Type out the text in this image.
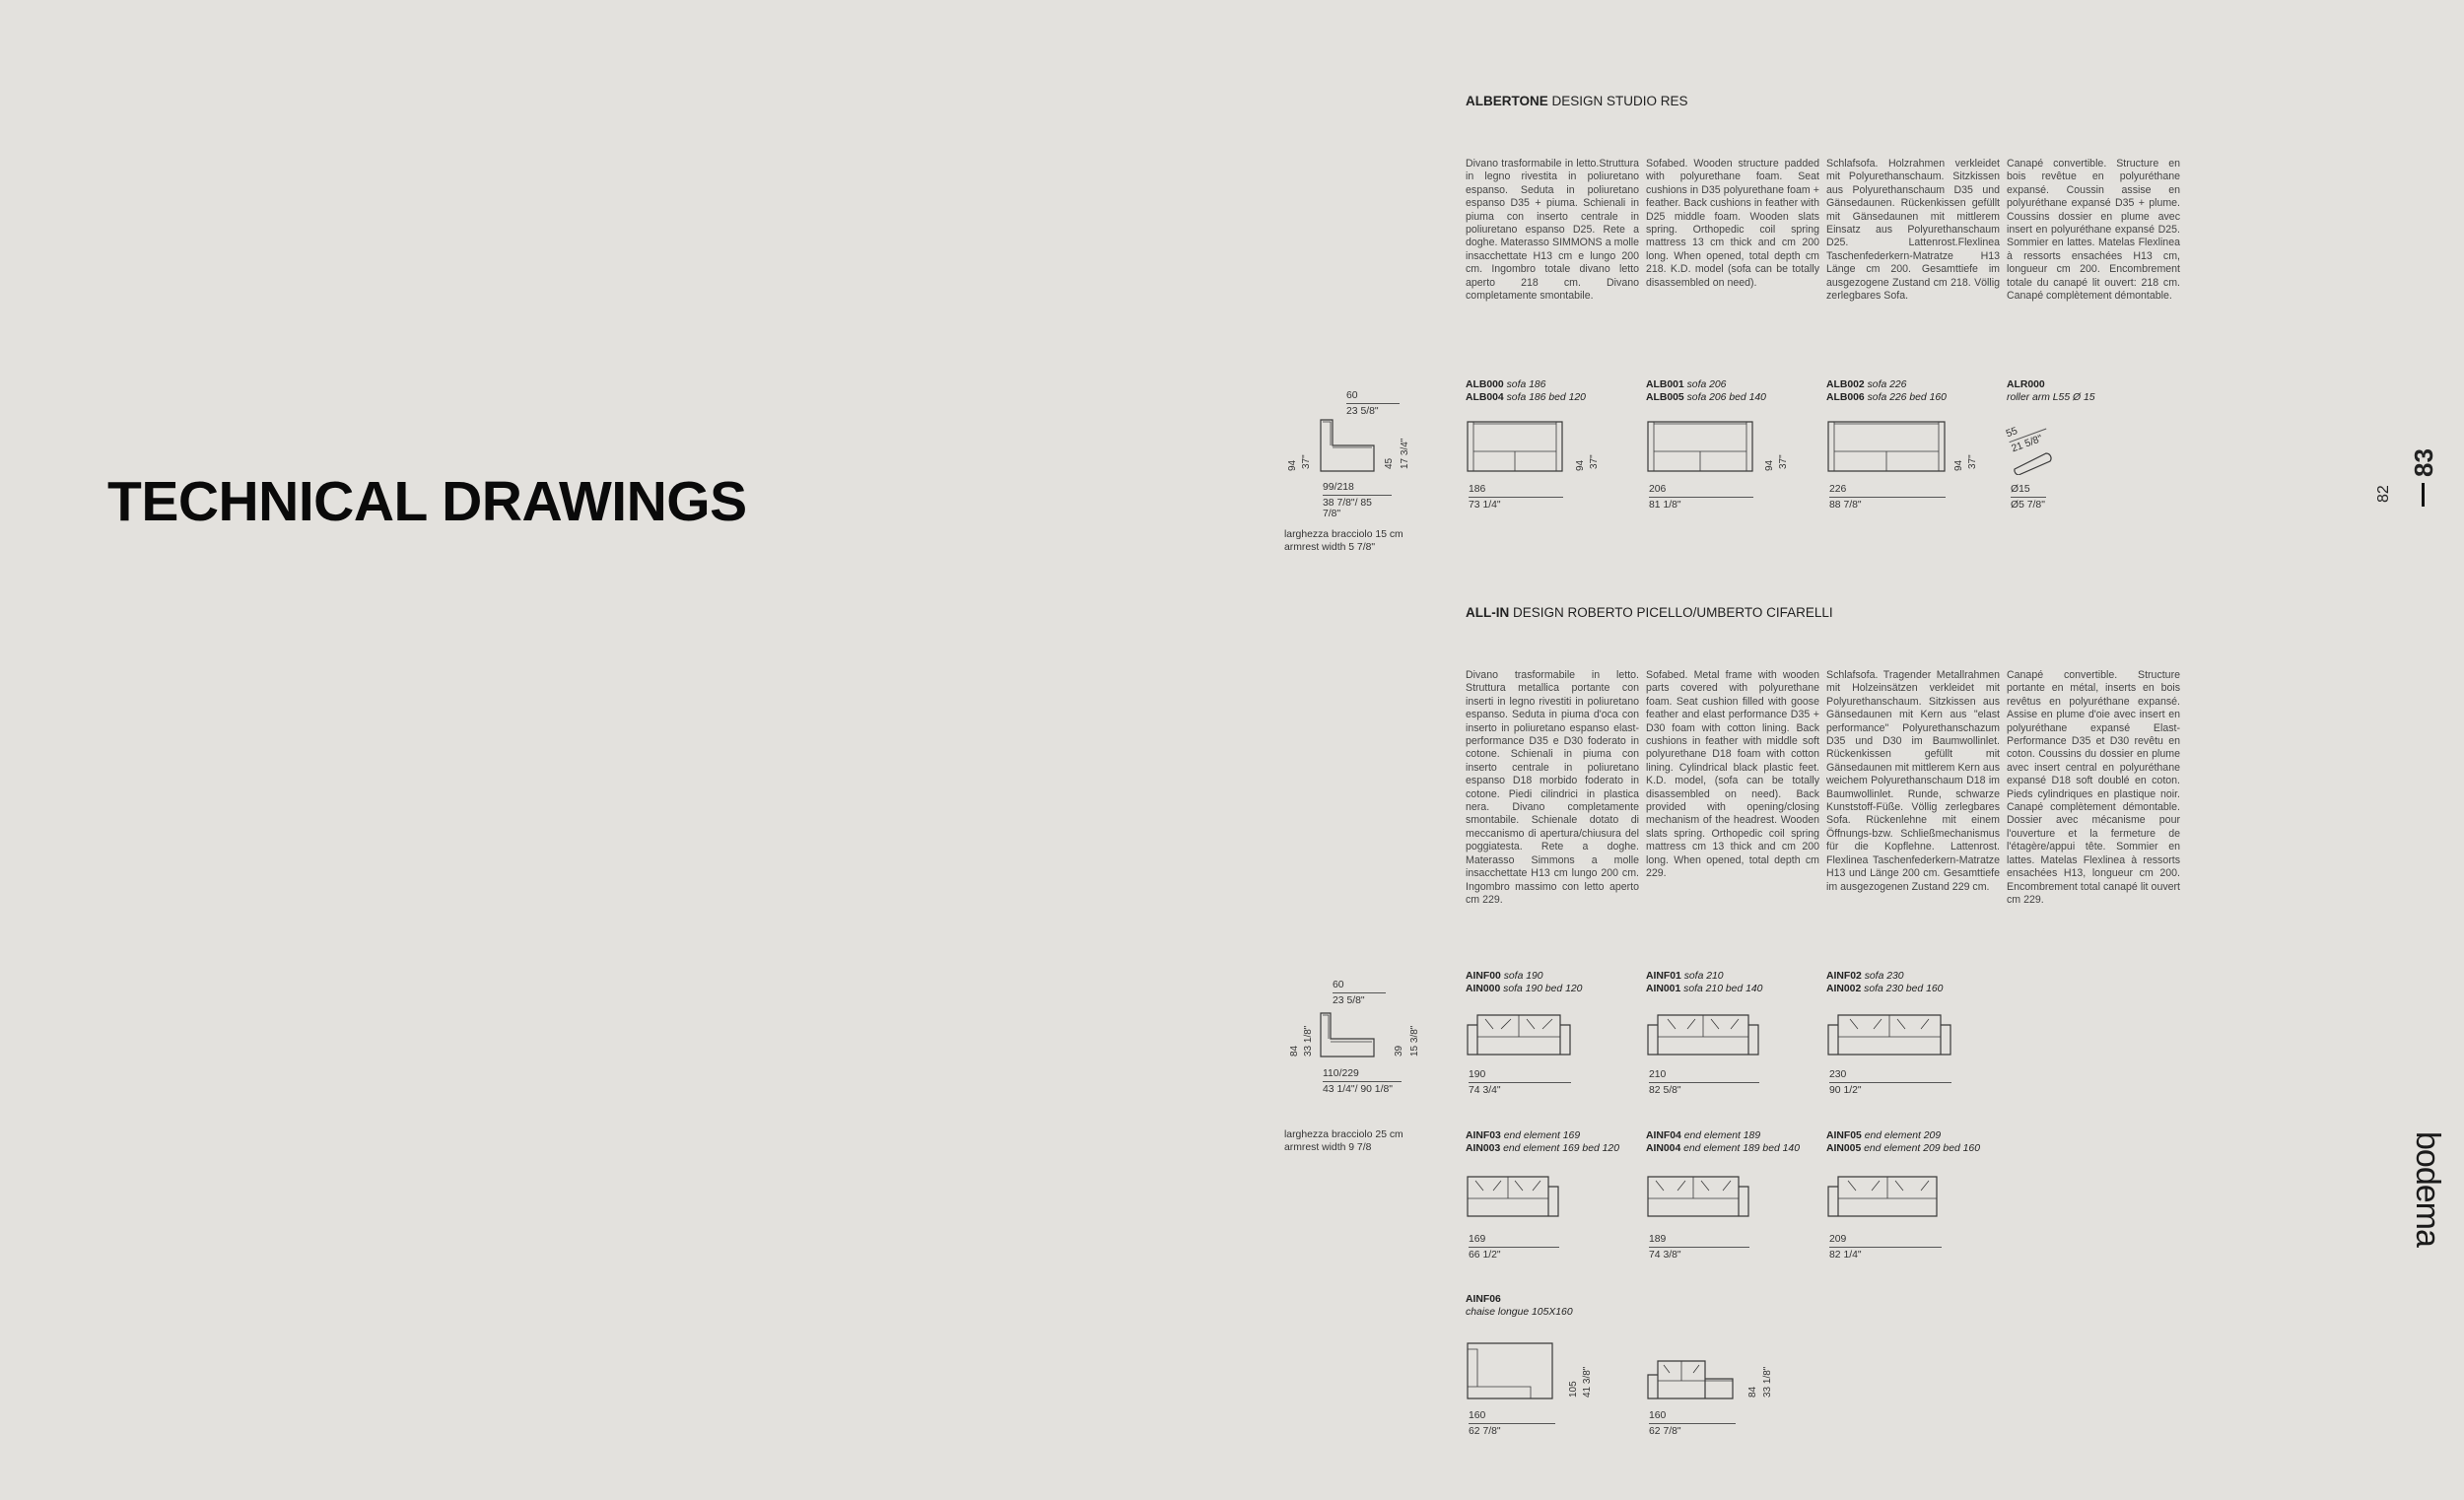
TECHNICAL DRAWINGS	82
83
bodema
ALBERTONE DESIGN STUDIO RES
Divano trasformabile in letto.Struttura in legno rivestita in poliuretano espanso. Seduta in poliuretano espanso D35 + piuma. Schienali in piuma con inserto centrale in poliuretano espanso D25. Rete a doghe. Materasso SIMMONS a molle insacchettate H13 cm e lungo 200 cm. Ingombro totale divano letto aperto 218 cm. Divano completamente smontabile.
Sofabed. Wooden structure padded with polyurethane foam. Seat cushions in D35 polyurethane foam + feather. Back cushions in feather with D25 middle foam. Wooden slats spring. Orthopedic coil spring mattress 13 cm thick and cm 200 long. When opened, total depth cm 218. K.D. model (sofa can be totally disassembled on need).
Schlafsofa. Holzrahmen verkleidet mit Polyurethanschaum. Sitzkissen aus Polyurethanschaum D35 und Gänsedaunen. Rückenkissen gefüllt mit Gänsedaunen mit mittlerem Einsatz aus Polyurethanschaum D25. Lattenrost.Flexlinea Taschenfederkern-Matratze H13 Länge cm 200. Gesamttiefe im ausgezogene Zustand cm 218. Völlig zerlegbares Sofa.
Canapé convertible. Structure en bois revêtue en polyuréthane expansé. Coussin assise en polyuréthane expansé D35 + plume. Coussins dossier en plume avec insert en polyuréthane expansé D25. Sommier en lattes. Matelas Flexlinea à ressorts ensachées H13 cm, longueur cm 200. Encombrement totale du canapé lit ouvert: 218 cm. Canapé complètement démontable.
60
23 5/8"
94 37"	45 17 3/4"
99/218
38 7/8"/ 85 7/8"
larghezza bracciolo 15 cm
armrest width 5 7/8"
ALB000 sofa 186
ALB004 sofa 186 bed 120
94 37"
186
73 1/4"
ALB001 sofa 206
ALB005 sofa 206 bed 140
94 37"
206
81 1/8"
ALB002 sofa 226
ALB006 sofa 226 bed 160
94 37"
226
88 7/8"
ALR000
roller arm L55 Ø 15
55
21 5/8"
Ø15
Ø5 7/8"
ALL-IN DESIGN ROBERTO PICELLO/UMBERTO CIFARELLI
Divano trasformabile in letto. Struttura metallica portante con inserti in legno rivestiti in poliuretano espanso. Seduta in piuma d'oca con inserto in poliuretano espanso elast-performance D35 e D30 foderato in cotone. Schienali in piuma con inserto centrale in poliuretano espanso D18 morbido foderato in cotone. Piedi cilindrici in plastica nera. Divano completamente smontabile. Schienale dotato di meccanismo di apertura/chiusura del poggiatesta. Rete a doghe. Materasso Simmons a molle insacchettate H13 cm lungo 200 cm. Ingombro massimo con letto aperto cm 229.
Sofabed. Metal frame with wooden parts covered with polyurethane foam. Seat cushion filled with goose feather and elast performance D35 + D30 foam with cotton lining. Back cushions in feather with middle soft polyurethane D18 foam with cotton lining. Cylindrical black plastic feet. K.D. model, (sofa can be totally disassembled on need). Back provided with opening/closing mechanism of the headrest. Wooden slats spring. Orthopedic coil spring mattress cm 13 thick and cm 200 long. When opened, total depth cm 229.
Schlafsofa. Tragender Metallrahmen mit Holzeinsätzen verkleidet mit Polyurethanschaum. Sitzkissen aus Gänsedaunen mit Kern aus "elast performance" Polyurethanschazum D35 und D30 im Baumwollinlet. Rückenkissen gefüllt mit Gänsedaunen mit mittlerem Kern aus weichem Polyurethanschaum D18 im Baumwollinlet. Runde, schwarze Kunststoff-Füße. Völlig zerlegbares Sofa. Rückenlehne mit einem Öffnungs-bzw. Schließmechanismus für die Kopflehne. Lattenrost. Flexlinea Taschenfederkern-Matratze H13 und Länge 200 cm. Gesamttiefe im ausgezogenen Zustand 229 cm.
Canapé convertible. Structure portante en métal, inserts en bois revêtus en polyuréthane expansé. Assise en plume d'oie avec insert en polyuréthane expansé Elast-Performance D35 et D30 revêtu en coton. Coussins du dossier en plume avec insert central en polyuréthane expansé D18 soft doublé en coton. Pieds cylindriques en plastique noir. Canapé complètement démontable. Dossier avec mécanisme pour l'ouverture et la fermeture de l'étagère/appui tête. Sommier en lattes. Matelas Flexlinea à ressorts ensachées H13, longueur cm 200. Encombrement total canapé lit ouvert cm 229.
60
23 5/8"
84 33 1/8"	39 15 3/8"
110/229
43 1/4"/ 90 1/8"
larghezza bracciolo 25 cm
armrest width 9 7/8
AINF00 sofa 190
AIN000 sofa 190 bed 120
190
74 3/4"
AINF01 sofa 210
AIN001 sofa 210 bed 140
210
82 5/8"
AINF02 sofa 230
AIN002 sofa 230 bed 160
230
90 1/2"
AINF03 end element 169
AIN003 end element 169 bed 120
169
66 1/2"
AINF04 end element 189
AIN004 end element 189 bed 140
189
74 3/8"
AINF05 end element 209
AIN005 end element 209 bed 160
209
82 1/4"
AINF06
chaise longue 105X160
105 41 3/8"
160
62 7/8"
84 33 1/8"
160
62 7/8"
